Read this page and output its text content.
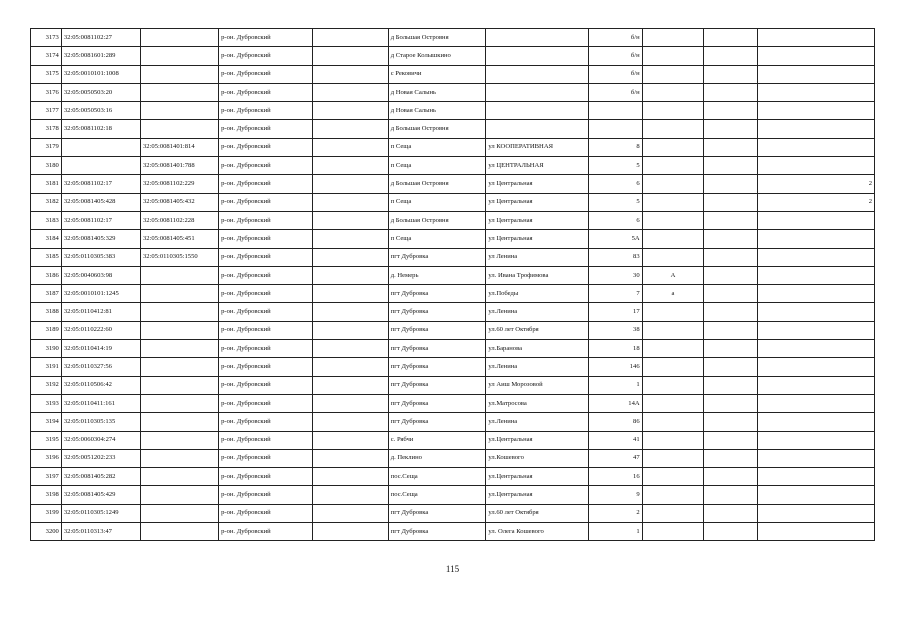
3173	32:05:0081102:27		р-он. Дубровский		д Большая Островня		б/н			
3174	32:05:0081601:289		р-он. Дубровский		д Старое Колышкино		б/н			
3175	32:05:0010101:1008		р-он. Дубровский		с Рековичи		б/н			
3176	32:05:0050503:20		р-он. Дубровский		д Новая Салынь		б/н			
3177	32:05:0050503:16		р-он. Дубровский		д Новая Салынь					
3178	32:05:0081102:18		р-он. Дубровский		д Большая Островня					
3179		32:05:0081401:814	р-он. Дубровский		п Сеща	ул КООПЕРАТИВНАЯ	8			
3180		32:05:0081401:788	р-он. Дубровский		п Сеща	ул ЦЕНТРАЛЬНАЯ	5			
3181	32:05:0081102:17	32:05:0081102:229	р-он. Дубровский		д Большая Островня	ул Центральная	6			2
3182	32:05:0081405:428	32:05:0081405:432	р-он. Дубровский		п Сеща	ул Центральная	5			2
3183	32:05:0081102:17	32:05:0081102:228	р-он. Дубровский		д Большая Островня	ул Центральная	6			
3184	32:05:0081405:329	32:05:0081405:451	р-он. Дубровский		п Сеща	ул Центральная	5А			
3185	32:05:0110305:383	32:05:0110305:1550	р-он. Дубровский		пгт Дубровка	ул Ленина	83			
3186	32:05:0040603:98		р-он. Дубровский		д. Немерь	ул. Ивана Трофимова	30	А		
3187	32:05:0010101:1245		р-он. Дубровский		пгт Дубровка	ул.Победы	7	а		
3188	32:05:0110412:81		р-он. Дубровский		пгт Дубровка	ул.Ленина	17			
3189	32:05:0110222:60		р-он. Дубровский		пгт Дубровка	ул.60 лет Октября	38			
3190	32:05:0110414:19		р-он. Дубровский		пгт Дубровка	ул.Баранова	18			
3191	32:05:0110327:56		р-он. Дубровский		пгт Дубровка	ул.Ленина	146			
3192	32:05:0110506:42		р-он. Дубровский		пгт Дубровка	ул Аиш Морозовой	1			
3193	32:05:0110411:161		р-он. Дубровский		пгт Дубровка	ул.Матросова	14А			
3194	32:05:0110305:135		р-он. Дубровский		пгт Дубровка	ул.Ленина	86			
3195	32:05:0060304:274		р-он. Дубровский		с. Рябчи	ул.Центральная	41			
3196	32:05:0051202:233		р-он. Дубровский		д. Пеклино	ул.Кошевого	47			
3197	32:05:0081405:282		р-он. Дубровский		пос.Сеща	ул.Центральная	16			
3198	32:05:0081405:429		р-он. Дубровский		пос.Сеща	ул.Центральная	9			
3199	32:05:0110305:1249		р-он. Дубровский		пгт Дубровка	ул.60 лет Октября	2			
3200	32:05:0110313:47		р-он. Дубровский		пгт Дубровка	ул. Олега Кошевого	1			
115
